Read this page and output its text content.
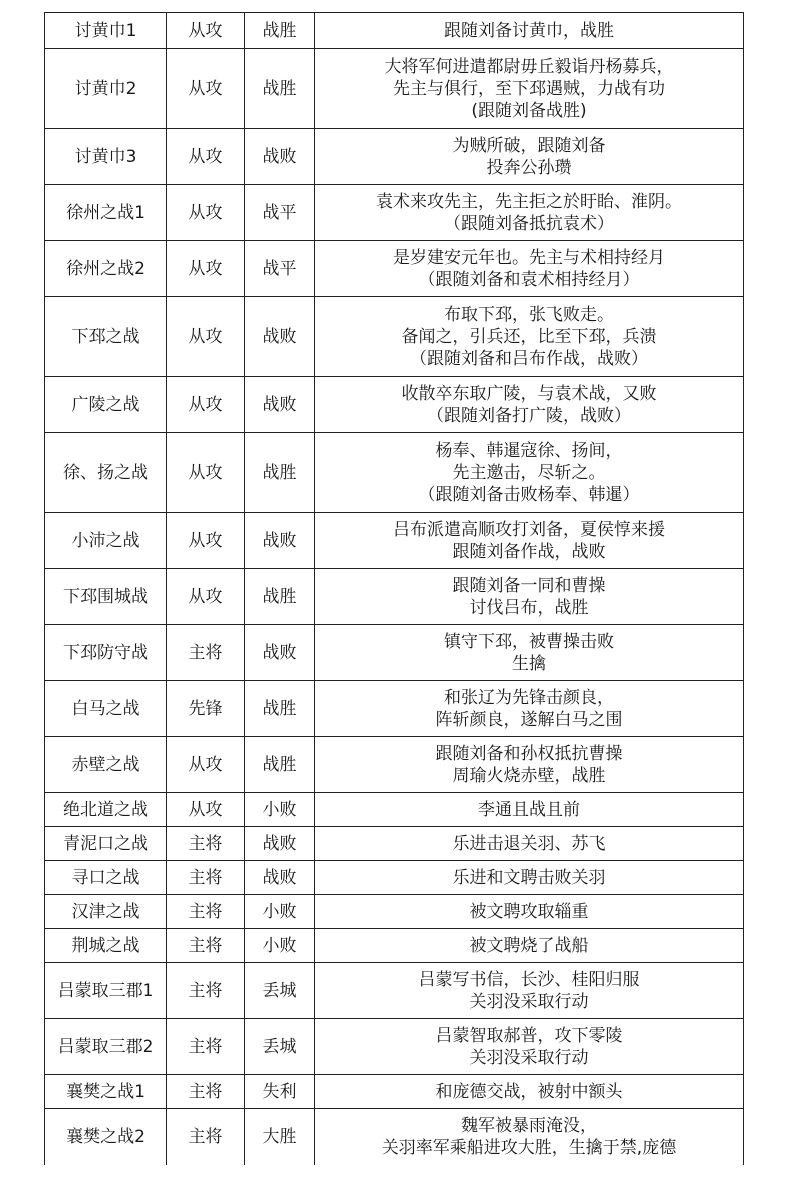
讨黄巾1	从攻	战胜	跟随刘备讨黄巾，战胜

讨黄巾2	从攻	战胜	大将军何进遣都尉毋丘毅诣丹杨募兵，
先主与俱行，至下邳遇贼，力战有功
(跟随刘备战胜)

讨黄巾3	从攻	战败	为贼所破，跟随刘备
投奔公孙瓒

徐州之战1	从攻	战平	袁术来攻先主，先主拒之於盱眙、淮阴。
（跟随刘备抵抗袁术）

徐州之战2	从攻	战平	是岁建安元年也。先主与术相持经月
（跟随刘备和袁术相持经月）

下邳之战	从攻	战败	布取下邳，张飞败走。
备闻之，引兵还，比至下邳，兵溃
（跟随刘备和吕布作战，战败）

广陵之战	从攻	战败	收散卒东取广陵，与袁术战，又败
（跟随刘备打广陵，战败）

徐、扬之战	从攻	战胜	杨奉、韩暹寇徐、扬间，
先主邀击，尽斩之。
（跟随刘备击败杨奉、韩暹）

小沛之战	从攻	战败	吕布派遣高顺攻打刘备，夏侯惇来援
跟随刘备作战，战败

下邳围城战	从攻	战胜	跟随刘备一同和曹操
讨伐吕布，战胜

下邳防守战	主将	战败	镇守下邳，被曹操击败
生擒

白马之战	先锋	战胜	和张辽为先锋击颜良，
阵斩颜良，遂解白马之围

赤壁之战	从攻	战胜	跟随刘备和孙权抵抗曹操
周瑜火烧赤壁，战胜

绝北道之战	从攻	小败	李通且战且前

青泥口之战	主将	战败	乐进击退关羽、苏飞

寻口之战	主将	战败	乐进和文聘击败关羽

汉津之战	主将	小败	被文聘攻取辎重

荆城之战	主将	小败	被文聘烧了战船

吕蒙取三郡1	主将	丢城	吕蒙写书信，长沙、桂阳归服
关羽没采取行动

吕蒙取三郡2	主将	丢城	吕蒙智取郝普，攻下零陵
关羽没采取行动

襄樊之战1	主将	失利	和庞德交战，被射中额头

襄樊之战2	主将	大胜	魏军被暴雨淹没，
关羽率军乘船进攻大胜，生擒于禁,庞德
